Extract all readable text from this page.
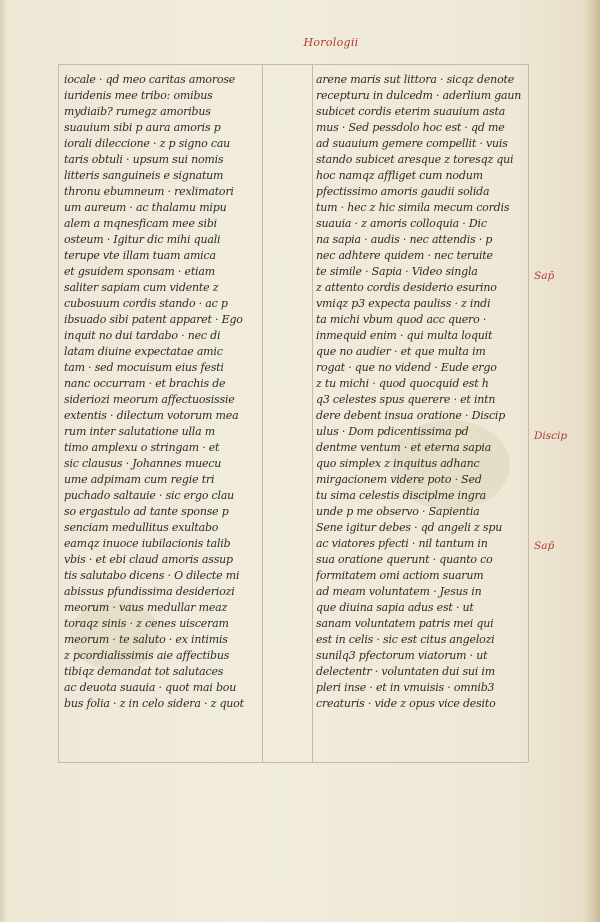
Horologii
iocale · qd meo caritas amorose
iuridenis mee tribo: omibus
mydiaib? rumegz amoribus
suauium sibi p aura amoris p
iorali dileccione · z p signo cau
taris obtuli · upsum sui nomis
litteris sanguineis e signatum
thronu ebumneum · rexlimatori
um aureum · ac thalamu mipu
alem a mqnesficam mee sibi
osteum · Igitur dic mihi quali
terupe vte illam tuam amica
et gsuidem sponsam · etiam
saliter sapiam cum vidente z
cubosuum cordis stando · ac p
ibsuado sibi patent apparet · Ego
inquit no dui tardabo · nec di
latam diuine expectatae amic
tam · sed mocuisum eius festi
nanc occurram · et brachis de
sideriozi meorum affectuosissie
extentis · dilectum votorum mea
rum inter salutatione ulla m
timo amplexu o stringam · et
sic clausus · Johannes muecu
ume adpimam cum regie tri
puchado saltauie · sic ergo clau
so ergastulo ad tante sponse p
senciam medullitus exultabo
eamqz inuoce iubilacionis talib
vbis · et ebi claud amoris assup
tis salutabo dicens · O dilecte mi
abissus pfundissima desideriozi
meorum · vaus medullar meaz
toraqz sinis · z cenes uisceram
meorum · te saluto · ex intimis
z pcordialissimis aie affectibus
tibiqz demandat tot salutaces
ac deuota suauia · quot mai bou
bus folia · z in celo sidera · z quot
arene maris sut littora · sicqz denote
recepturu in dulcedm · aderlium gaun
subicet cordis eterim suauium asta
mus · Sed pessdolo hoc est · qd me
ad suauium gemere compellit · vuis
stando subicet aresque z toresqz qui
hoc namqz affliget cum nodum
pfectissimo amoris gaudii solida
tum · hec z hic simila mecum cordis
suauia · z amoris colloquia · Dic
na sapia · audis · nec attendis · p
nec adhtere quidem · nec teruite
te simile · Sapia · Video singla
z attento cordis desiderio esurino
vmiqz p3 expecta pauliss · z indi
ta michi vbum quod acc quero ·
inmequid enim · qui multa loquit
que no audier · et que multa im
rogat · que no vidend · Eude ergo
z tu michi · quod quocquid est h
q3 celestes spus querere · et intn
dere debent insua oratione · Discip
ulus · Dom pdicentissima pd
dentme ventum · et eterna sapia
quo simplex z inquitus adhanc
mirgacionem videre poto · Sed
tu sima celestis disciplme ingra
unde p me observo · Sapientia
Sene igitur debes · qd angeli z spu
ac viatores pfecti · nil tantum in
sua oratione querunt · quanto co
formitatem omi actiom suarum
ad meam voluntatem · Jesus in
que diuina sapia adus est · ut
sanam voluntatem patris mei qui
est in celis · sic est citus angelozi
sunilq3 pfectorum viatorum · ut
delectentr · voluntaten dui sui im
pleri inse · et in vmuisis · omnib3
creaturis · vide z opus vice desito
Sap̄
Discip
Sap̄
